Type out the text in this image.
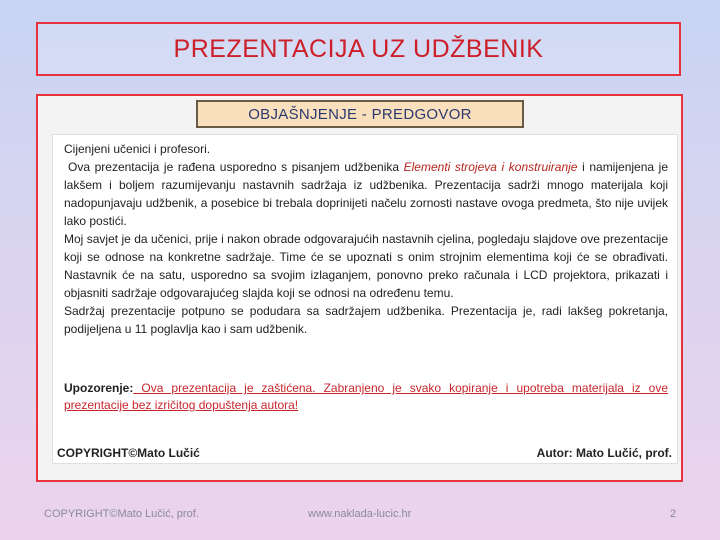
PREZENTACIJA UZ UDŽBENIK
OBJAŠNJENJE - PREDGOVOR

Cijenjeni učenici i profesori.

Ova prezentacija je rađena usporedno s pisanjem udžbenika Elementi strojeva i konstruiranje i namijenjena je lakšem i boljem razumijevanju nastavnih sadržaja iz udžbenika. Prezentacija sadrži mnogo materijala koji nadopunjavaju udžbenik, a posebice bi trebala doprinijeti načelu zornosti nastave ovoga predmeta, što nije uvijek lako postići.

Moj savjet je da učenici, prije i nakon obrade odgovarajućih nastavnih cjelina, pogledaju slajdove ove prezentacije koji se odnose na konkretne sadržaje. Time će se upoznati s onim strojnim elementima koji će se obrađivati. Nastavnik će na satu, usporedno sa svojim izlaganjem, ponovno preko računala i LCD projektora, prikazati i objasniti sadržaje odgovarajućeg slajda koji se odnosi na određenu temu.

Sadržaj prezentacije potpuno se podudara sa sadržajem udžbenika. Prezentacija je, radi lakšeg pokretanja, podijeljena u 11 poglavlja kao i sam udžbenik.

Upozorenje: Ova prezentacija je zaštićena. Zabranjeno je svako kopiranje i upotreba materijala iz ove prezentacije bez izričitog dopuštenja autora!
COPYRIGHT©Mato Lučić	Autor: Mato Lučić, prof.
COPYRIGHT©Mato Lučić, prof.	www.naklada-lucic.hr	2
